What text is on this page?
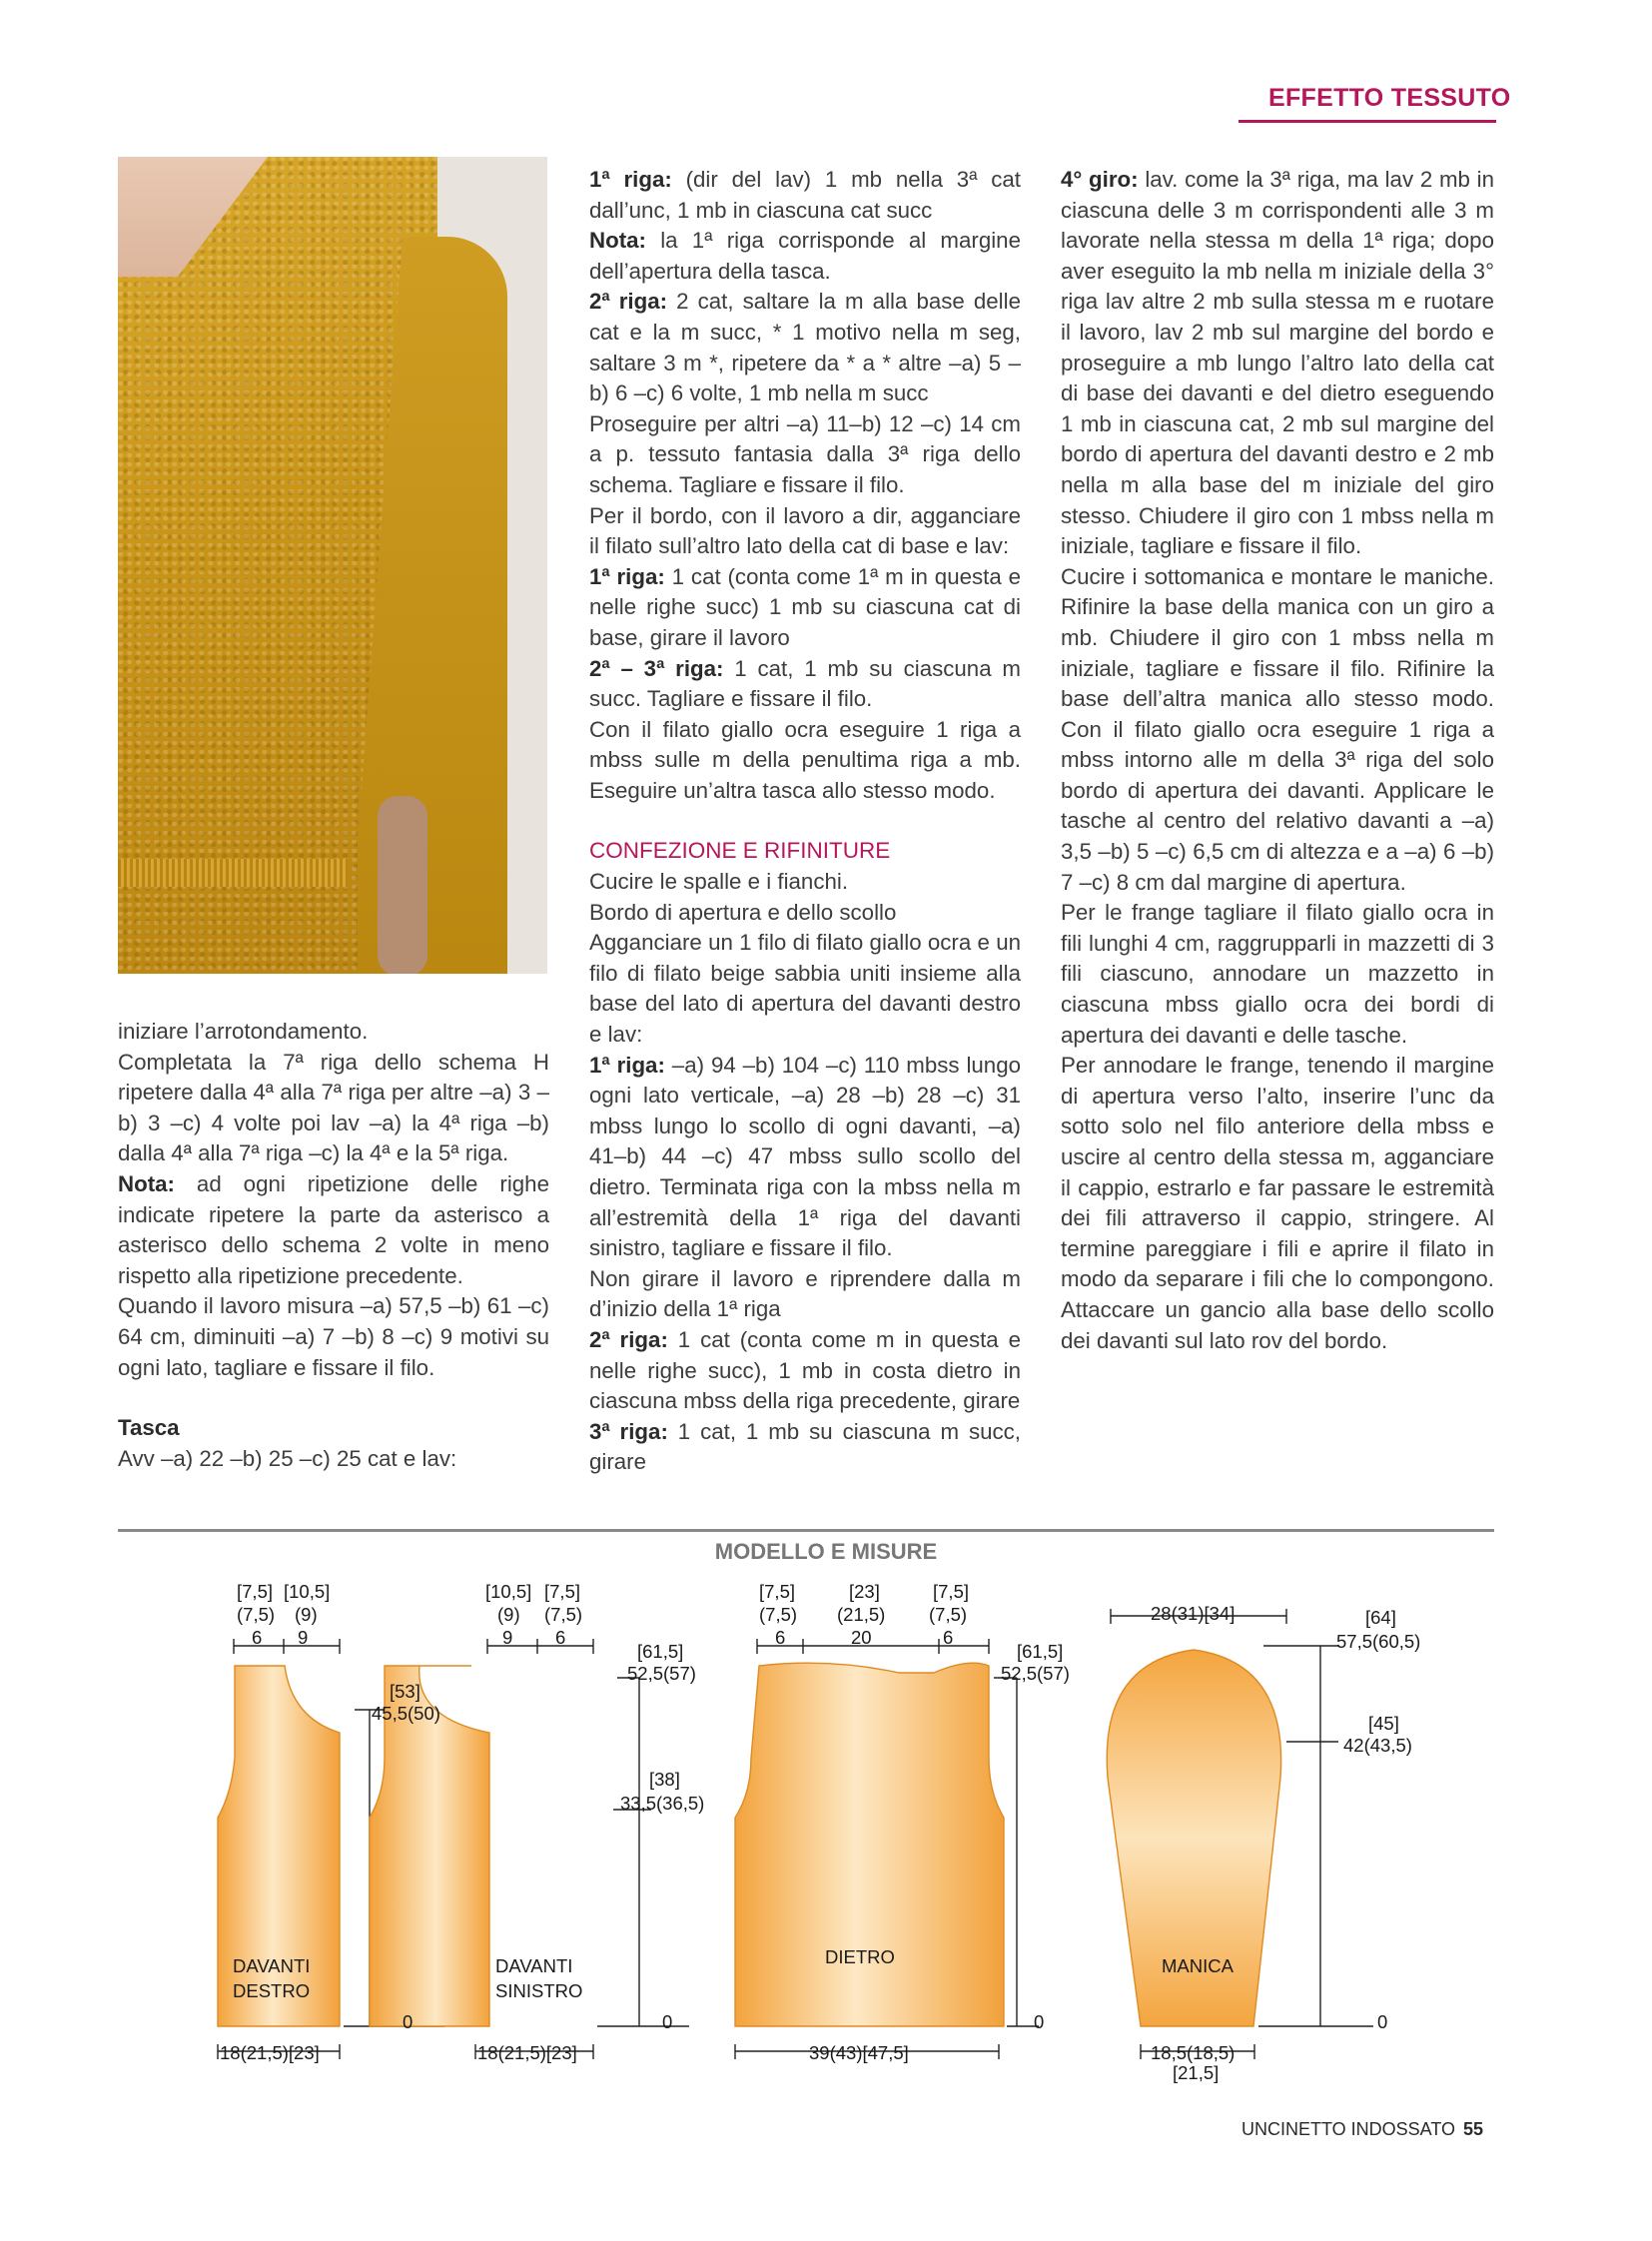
EFFETTO TESSUTO

iniziare l’arrotondamento.

Completata la 7ª riga dello schema H ripetere dalla 4ª alla 7ª riga per altre –a) 3 –b) 3 –c) 4 volte poi lav –a) la 4ª riga –b) dalla 4ª alla 7ª riga –c) la 4ª e la 5ª riga.

Nota: ad ogni ripetizione delle righe indicate ripetere la parte da asterisco a asterisco dello schema 2 volte in meno rispetto alla ripetizione precedente.

Quando il lavoro misura –a) 57,5 –b) 61 –c) 64 cm, diminuiti –a) 7 –b) 8 –c) 9 motivi su ogni lato, tagliare e fissare il filo.

Tasca

Avv –a) 22 –b) 25 –c) 25 cat e lav:

1ª riga: (dir del lav) 1 mb nella 3ª cat dall’unc, 1 mb in ciascuna cat succ

Nota: la 1ª riga corrisponde al margine dell’apertura della tasca.

2ª riga: 2 cat, saltare la m alla base delle cat e la m succ, * 1 motivo nella m seg, saltare 3 m *, ripetere da * a * altre –a) 5 –b) 6 –c) 6 volte, 1 mb nella m succ

Proseguire per altri –a) 11–b) 12 –c) 14 cm a p. tessuto fantasia dalla 3ª riga dello schema. Tagliare e fissare il filo.

Per il bordo, con il lavoro a dir, agganciare il filato sull’altro lato della cat di base e lav:

1ª riga: 1 cat (conta come 1ª m in questa e nelle righe succ) 1 mb su ciascuna cat di base, girare il lavoro

2ª – 3ª riga: 1 cat, 1 mb su ciascuna m succ. Tagliare e fissare il filo.

Con il filato giallo ocra eseguire 1 riga a mbss sulle m della penultima riga a mb. Eseguire un’altra tasca allo stesso modo.

CONFEZIONE E RIFINITURE

Cucire le spalle e i fianchi.

Bordo di apertura e dello scollo

Agganciare un 1 filo di filato giallo ocra e un filo di filato beige sabbia uniti insieme alla base del lato di apertura del davanti destro e lav:

1ª riga: –a) 94 –b) 104 –c) 110 mbss lungo ogni lato verticale, –a) 28 –b) 28 –c) 31 mbss lungo lo scollo di ogni davanti, –a) 41–b) 44 –c) 47 mbss sullo scollo del dietro. Terminata riga con la mbss nella m all’estremità della 1ª riga del davanti sinistro, tagliare e fissare il filo.

Non girare il lavoro e riprendere dalla m d’inizio della 1ª riga

2ª riga: 1 cat (conta come m in questa e nelle righe succ), 1 mb in costa dietro in ciascuna mbss della riga precedente, girare

3ª riga: 1 cat, 1 mb su ciascuna m succ, girare

4° giro: lav. come la 3ª riga, ma lav 2 mb in ciascuna delle 3 m corrispondenti alle 3 m lavorate nella stessa m della 1ª riga; dopo aver eseguito la mb nella m iniziale della 3° riga lav altre 2 mb sulla stessa m e ruotare il lavoro, lav 2 mb sul margine del bordo e proseguire a mb lungo l’altro lato della cat di base dei davanti e del dietro eseguendo 1 mb in ciascuna cat, 2 mb sul margine del bordo di apertura del davanti destro e 2 mb nella m alla base del m iniziale del giro stesso. Chiudere il giro con 1 mbss nella m iniziale, tagliare e fissare il filo.

Cucire i sottomanica e montare le maniche. Rifinire la base della manica con un giro a mb. Chiudere il giro con 1 mbss nella m iniziale, tagliare e fissare il filo. Rifinire la base dell’altra manica allo stesso modo. Con il filato giallo ocra eseguire 1 riga a mbss intorno alle m della 3ª riga del solo bordo di apertura dei davanti. Applicare le tasche al centro del relativo davanti a –a) 3,5 –b) 5 –c) 6,5 cm di altezza e a –a) 6 –b) 7 –c) 8 cm dal margine di apertura.

Per le frange tagliare il filato giallo ocra in fili lunghi 4 cm, raggrupparli in mazzetti di 3 fili ciascuno, annodare un mazzetto in ciascuna mbss giallo ocra dei bordi di apertura dei davanti e delle tasche.

Per annodare le frange, tenendo il margine di apertura verso l’alto, inserire l’unc da sotto solo nel filo anteriore della mbss e uscire al centro della stessa m, agganciare il cappio, estrarlo e far passare le estremità dei fili attraverso il cappio, stringere. Al termine pareggiare i fili e aprire il filato in modo da separare i fili che lo compongono. Attaccare un gancio alla base dello scollo dei davanti sul lato rov del bordo.

MODELLO E MISURE
[7,5]
(7,5)
6
[10,5]
(9)
9
[53]
45,5(50)
DAVANTI
DESTRO
0
18(21,5)[23]
[10,5]
(9)
9
[7,5]
(7,5)
6
[61,5]
52,5(57)
[38]
33,5(36,5)
DAVANTI
SINISTRO
0
18(21,5)[23]
[7,5]
(7,5)
6
[23]
(21,5)
20
[7,5]
(7,5)
6
[61,5]
52,5(57)
DIETRO
0
39(43)[47,5]
28(31)[34]	[64]
57,5(60,5)
[45]
42(43,5)
MANICA
0
18,5(18,5)
[21,5]
UNCINETTO INDOSSATO 55
